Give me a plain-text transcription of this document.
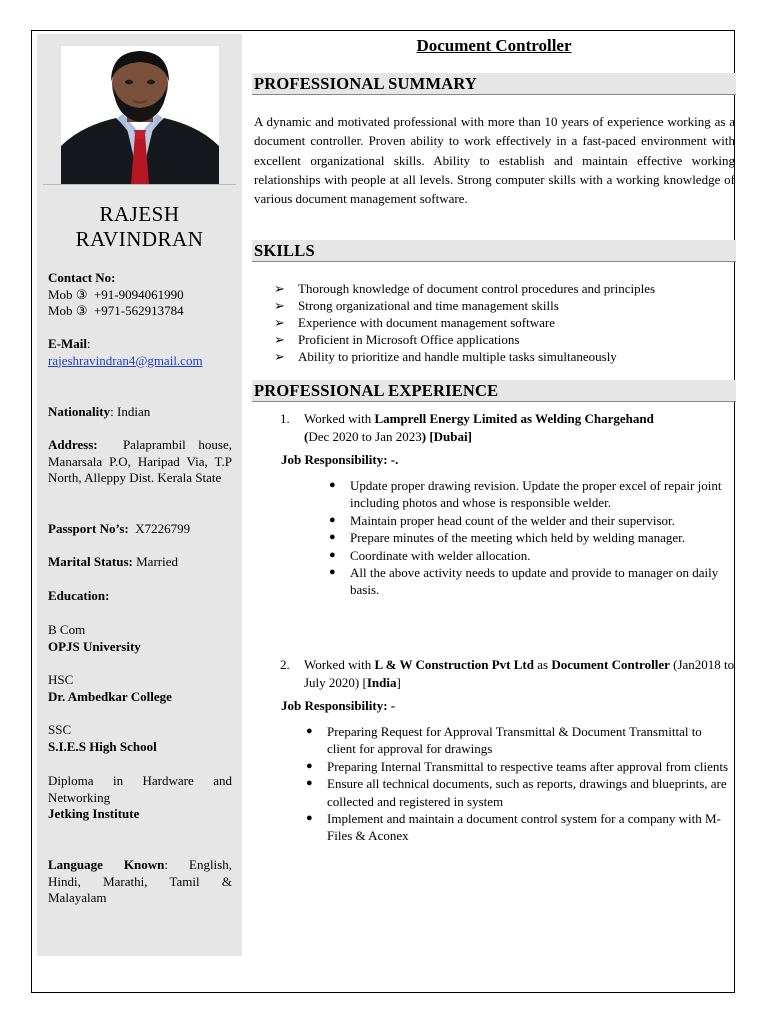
RAJESH
RAVINDRAN
Contact No:
Mob ③ +91-9094061990
Mob ③ +971-562913784
E-Mail:
rajeshravindran4@gmail.com
Nationality: Indian
Address: Palaprambil house, Manarsala P.O, Haripad Via, T.P North, Alleppy Dist. Kerala State
Passport No’s: X7226799
Marital Status: Married
Education:
B Com
OPJS University
HSC
Dr. Ambedkar College
SSC
S.I.E.S High School
Diploma in Hardware and Networking
Jetking Institute
Language Known: English, Hindi, Marathi, Tamil & Malayalam
Document Controller
PROFESSIONAL SUMMARY
A dynamic and motivated professional with more than 10 years of experience working as a document controller. Proven ability to work effectively in a fast-paced environment with excellent organizational skills. Ability to establish and maintain effective working relationships with people at all levels. Strong computer skills with a working knowledge of various document management software.
SKILLS
➢ Thorough knowledge of document control procedures and principles
➢ Strong organizational and time management skills
➢ Experience with document management software
➢ Proficient in Microsoft Office applications
➢ Ability to prioritize and handle multiple tasks simultaneously
PROFESSIONAL EXPERIENCE
1. Worked with Lamprell Energy Limited as Welding Chargehand
(Dec 2020 to Jan 2023) [Dubai]
Job Responsibility: -.
● Update proper drawing revision. Update the proper excel of repair joint including photos and whose is responsible welder.
● Maintain proper head count of the welder and their supervisor.
● Prepare minutes of the meeting which held by welding manager.
● Coordinate with welder allocation.
● All the above activity needs to update and provide to manager on daily basis.
2. Worked with L & W Construction Pvt Ltd as Document Controller (Jan2018 to July 2020) [India]
Job Responsibility: -
● Preparing Request for Approval Transmittal & Document Transmittal to client for approval for drawings
● Preparing Internal Transmittal to respective teams after approval from clients
● Ensure all technical documents, such as reports, drawings and blueprints, are collected and registered in system
● Implement and maintain a document control system for a company with M-Files & Aconex
